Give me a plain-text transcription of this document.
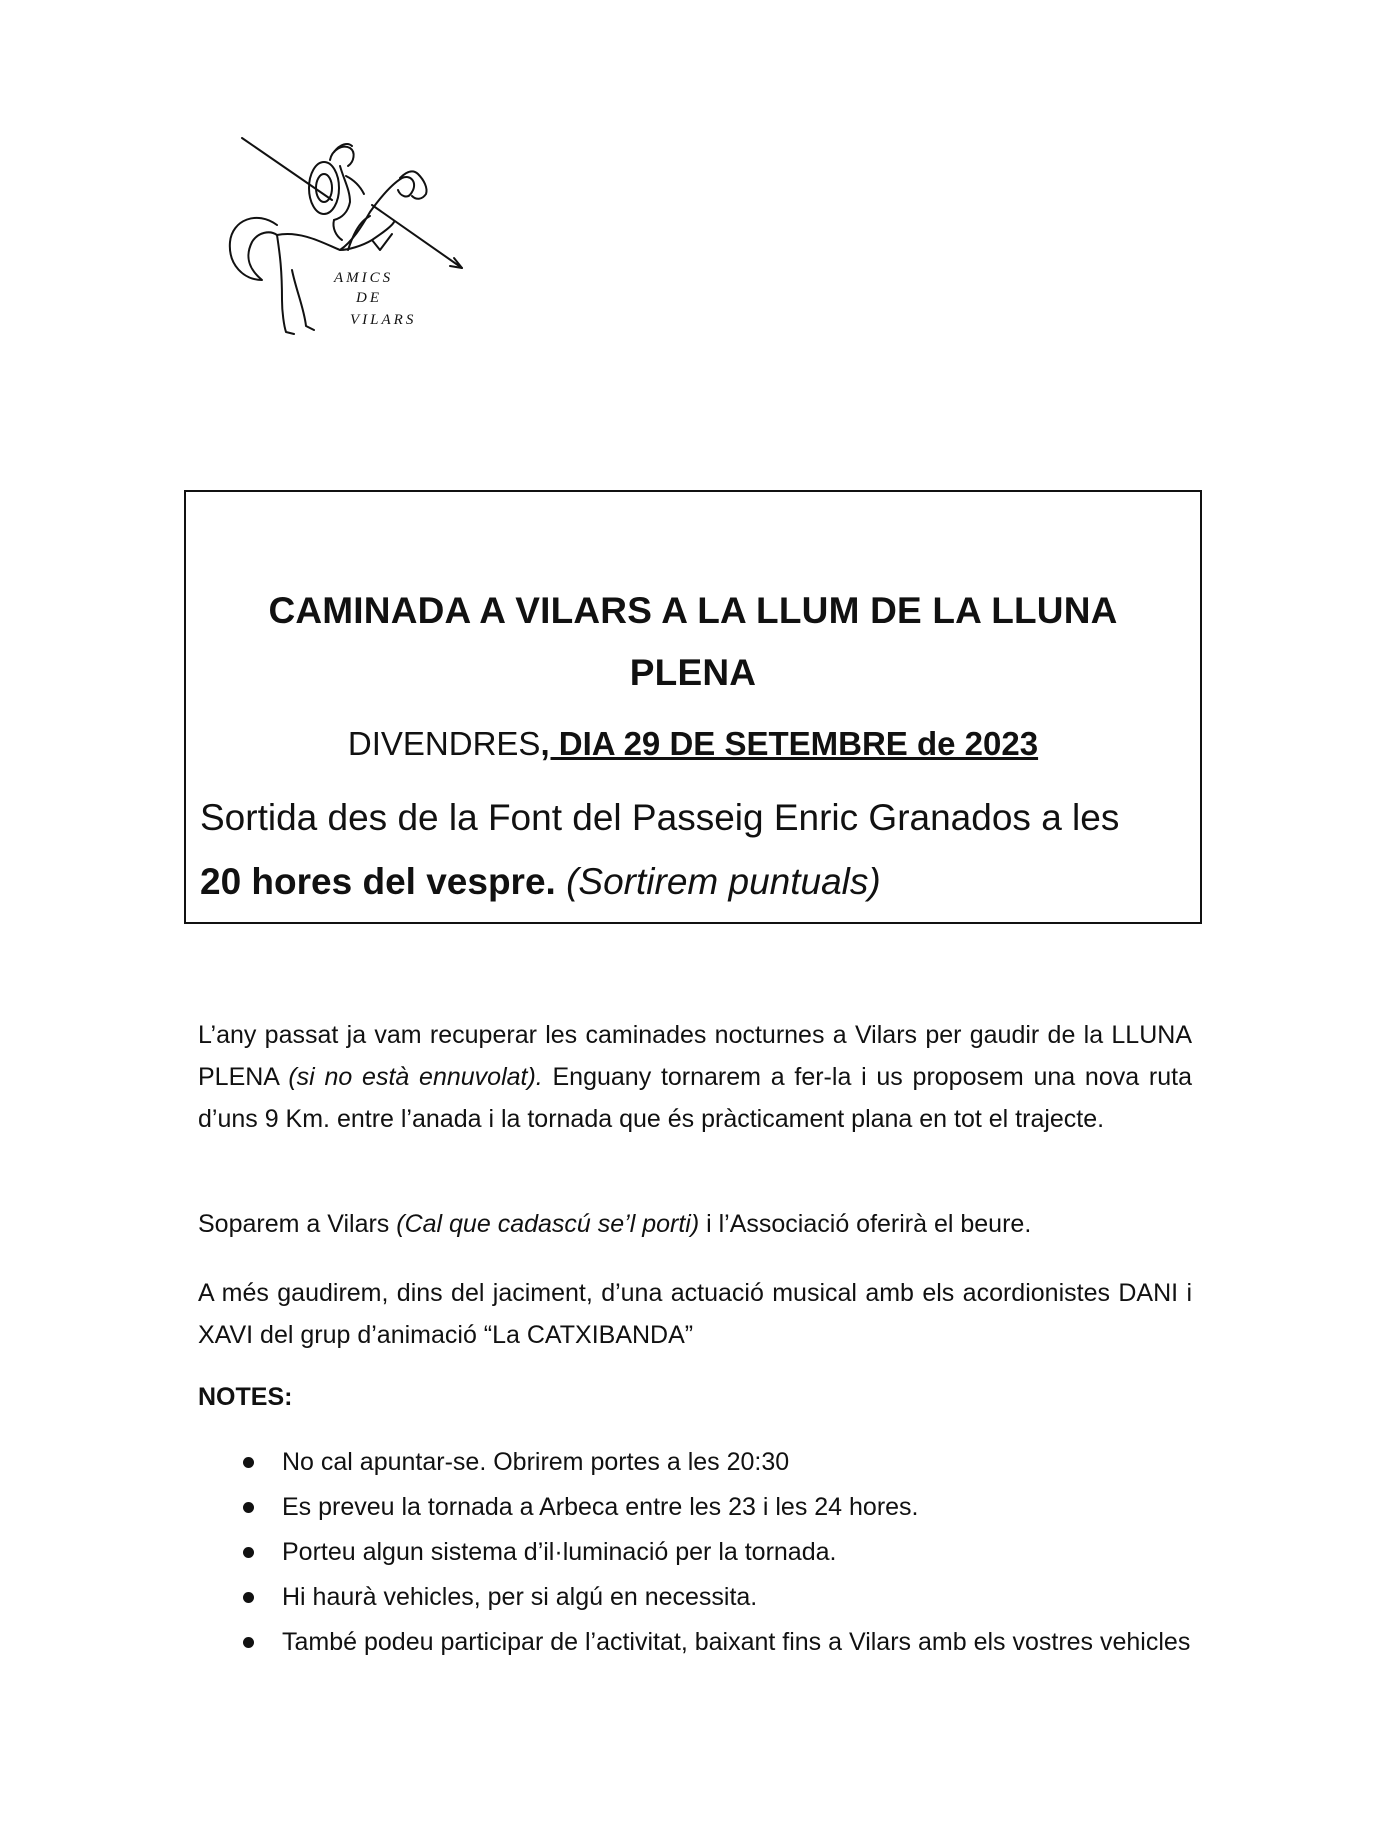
AMICS
DE
VILARS
CAMINADA A VILARS A LA LLUM DE LA LLUNA
PLENA
DIVENDRES, DIA 29 DE SETEMBRE de 2023
Sortida des de la Font del Passeig Enric Granados a les 20 hores del vespre. (Sortirem puntuals)
L’any passat ja vam recuperar les caminades nocturnes a Vilars per gaudir de la LLUNA PLENA (si no està ennuvolat). Enguany tornarem a fer-la i us proposem una nova ruta d’uns 9 Km. entre l’anada i la tornada que és pràcticament plana en tot el trajecte.
Soparem a Vilars (Cal que cadascú se’l porti) i l’Associació oferirà el beure.
A més gaudirem, dins del jaciment, d’una actuació musical amb els acordionistes DANI i XAVI del grup d’animació “La CATXIBANDA”
NOTES:
No cal apuntar-se. Obrirem portes a les 20:30
Es preveu la tornada a Arbeca entre les 23 i les 24 hores.
Porteu algun sistema d’il·luminació per la tornada.
Hi haurà vehicles, per si algú en necessita.
També podeu participar de l’activitat, baixant fins a Vilars amb els vostres vehicles
